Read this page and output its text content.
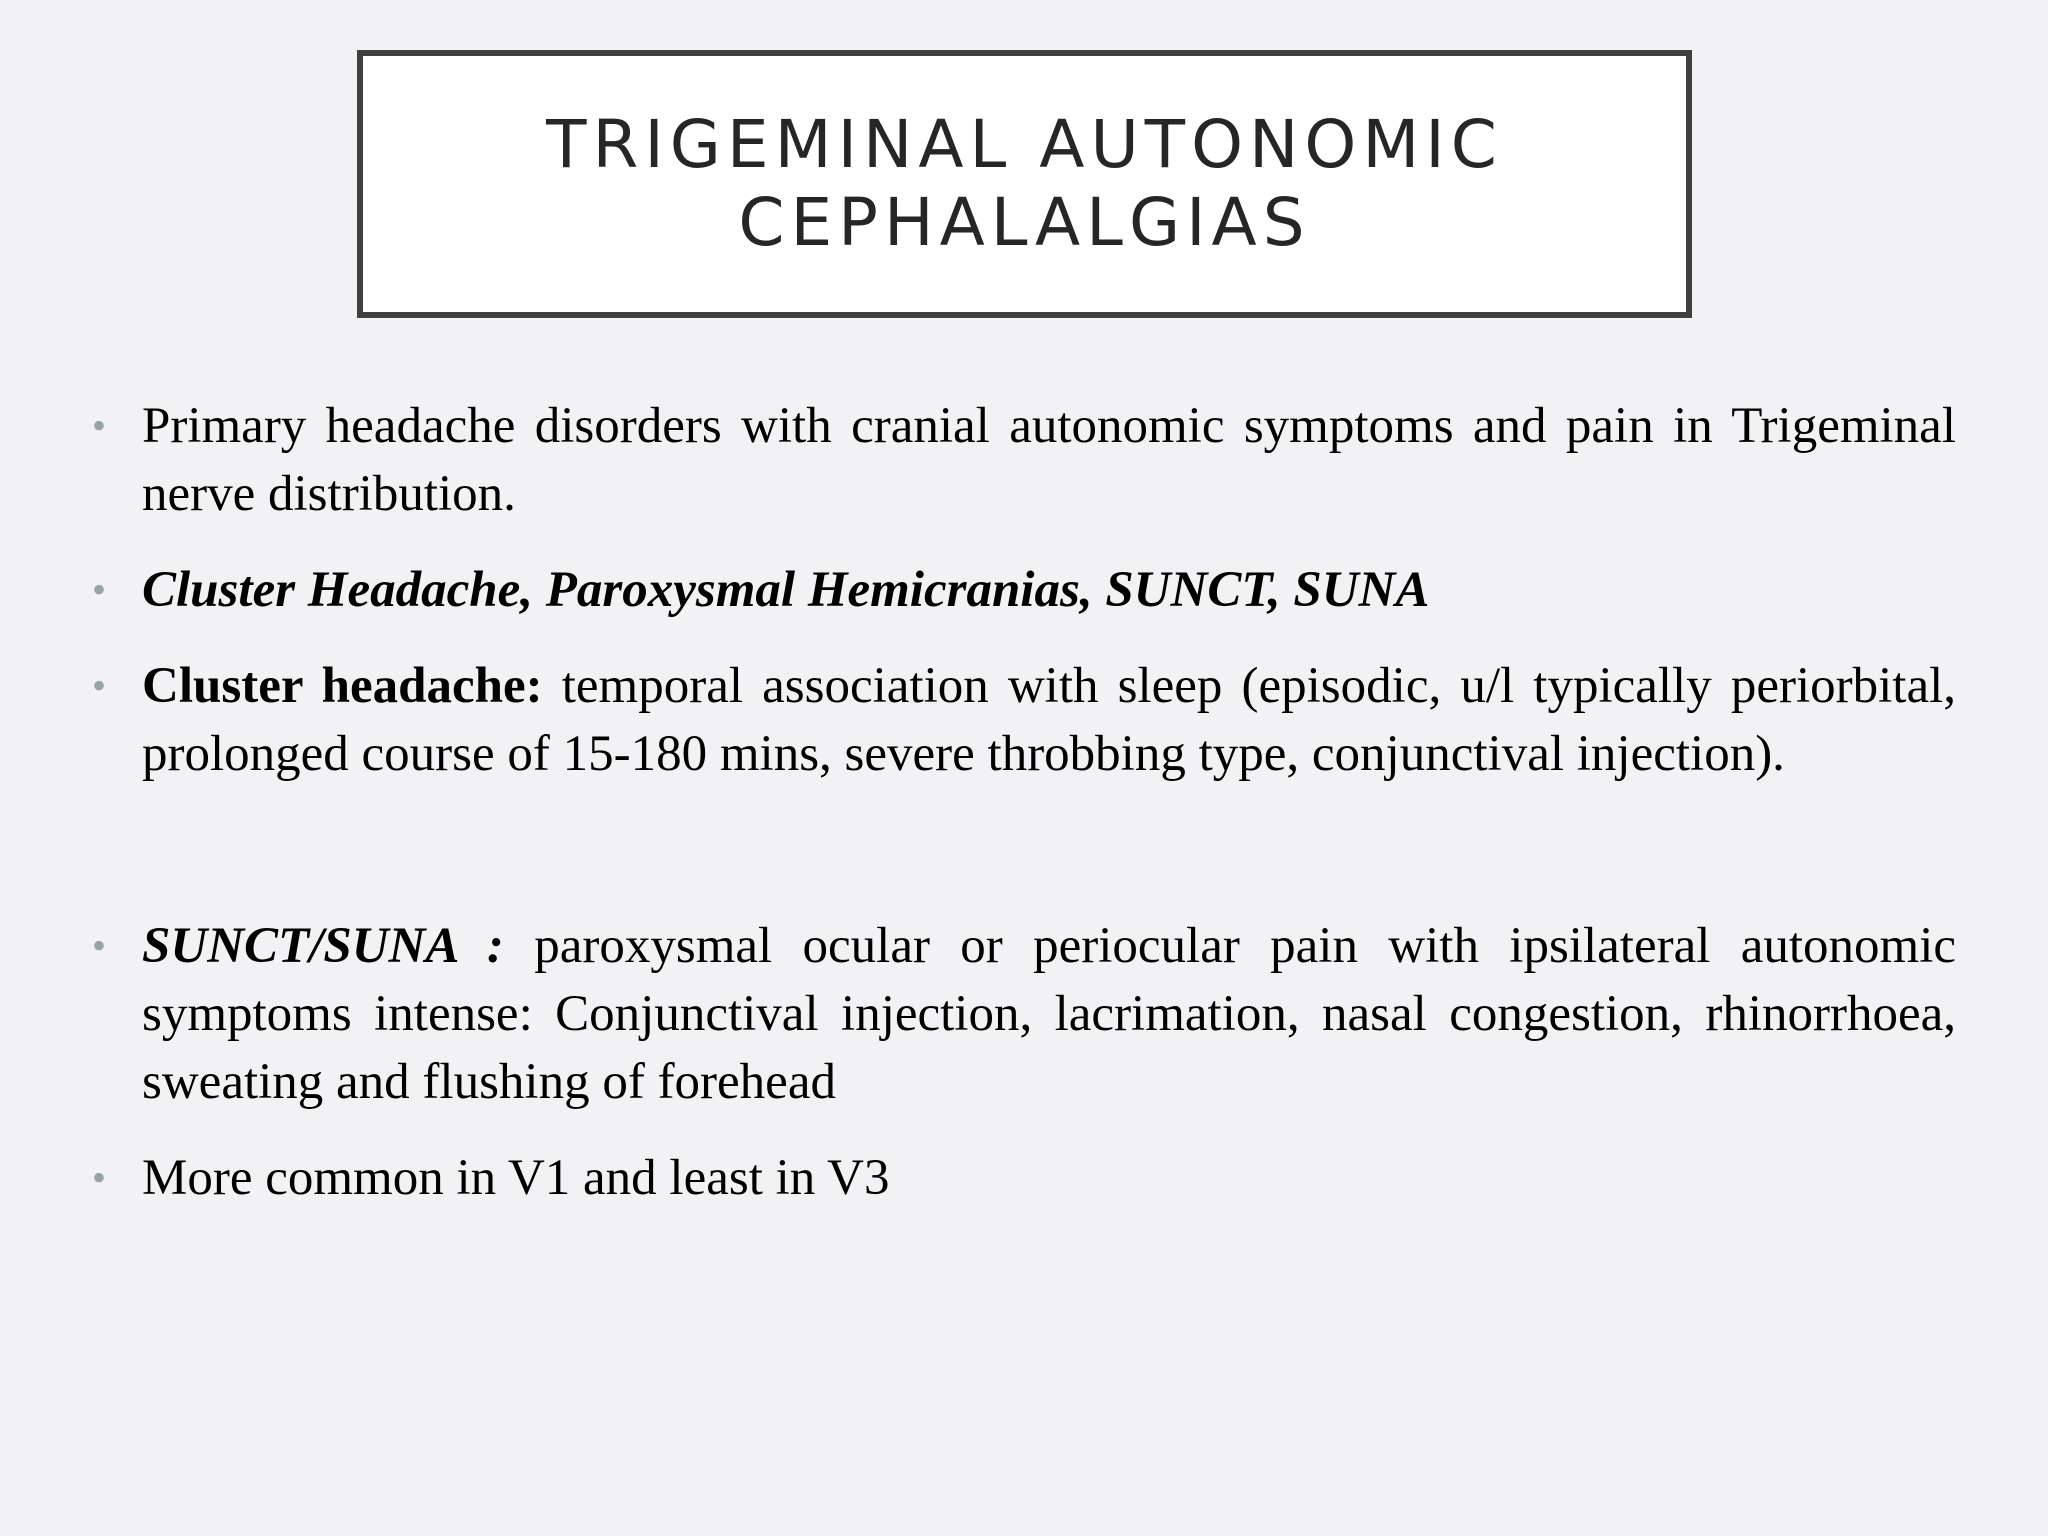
TRIGEMINAL AUTONOMIC
CEPHALALGIAS
• Primary headache disorders with cranial autonomic symptoms and pain in Trigeminal nerve distribution.
• Cluster Headache, Paroxysmal Hemicranias, SUNCT, SUNA
• Cluster headache: temporal association with sleep (episodic, u/l typically periorbital, prolonged course of 15-180 mins, severe throbbing type, conjunctival injection).
• SUNCT/SUNA : paroxysmal ocular or periocular pain with ipsilateral autonomic symptoms intense: Conjunctival injection, lacrimation, nasal congestion, rhinorrhoea, sweating and flushing of forehead
• More common in V1 and least in V3
